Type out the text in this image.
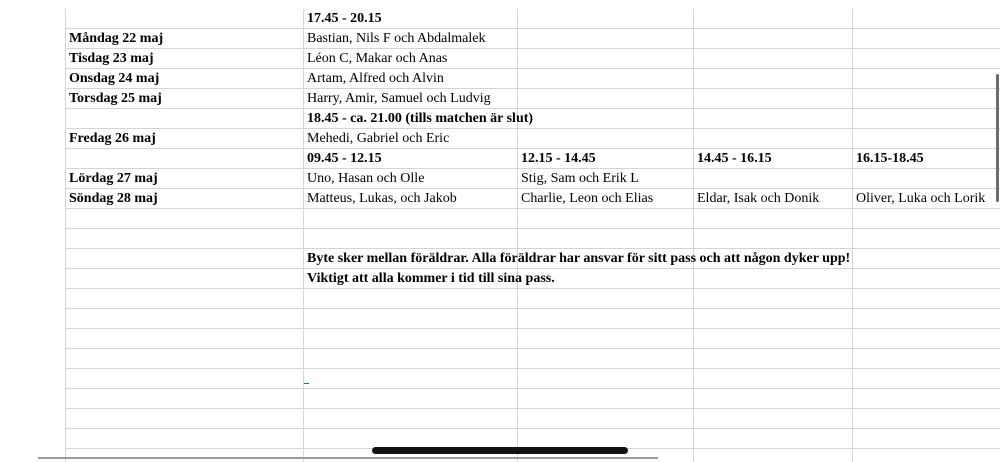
	17.45 - 20.15			
Måndag 22 maj	Bastian, Nils F och Abdalmalek			
Tisdag 23 maj	Léon C, Makar och Anas			
Onsdag 24 maj	Artam, Alfred och Alvin			
Torsdag 25 maj	Harry, Amir, Samuel och Ludvig			
	18.45 - ca. 21.00 (tills matchen är slut)			
Fredag 26 maj	Mehedi, Gabriel och Eric			
	09.45 - 12.15	12.15 - 14.45	14.45 - 16.15	16.15-18.45
Lördag 27 maj	Uno, Hasan och Olle	Stig, Sam och Erik L		
Söndag 28 maj	Matteus, Lukas, och Jakob	Charlie, Leon och Elias	Eldar, Isak och Donik	Oliver, Luka och Lorik

	Byte sker mellan föräldrar. Alla föräldrar har ansvar för sitt pass och att någon dyker upp!			
	Viktigt att alla kommer i tid till sina pass.			
